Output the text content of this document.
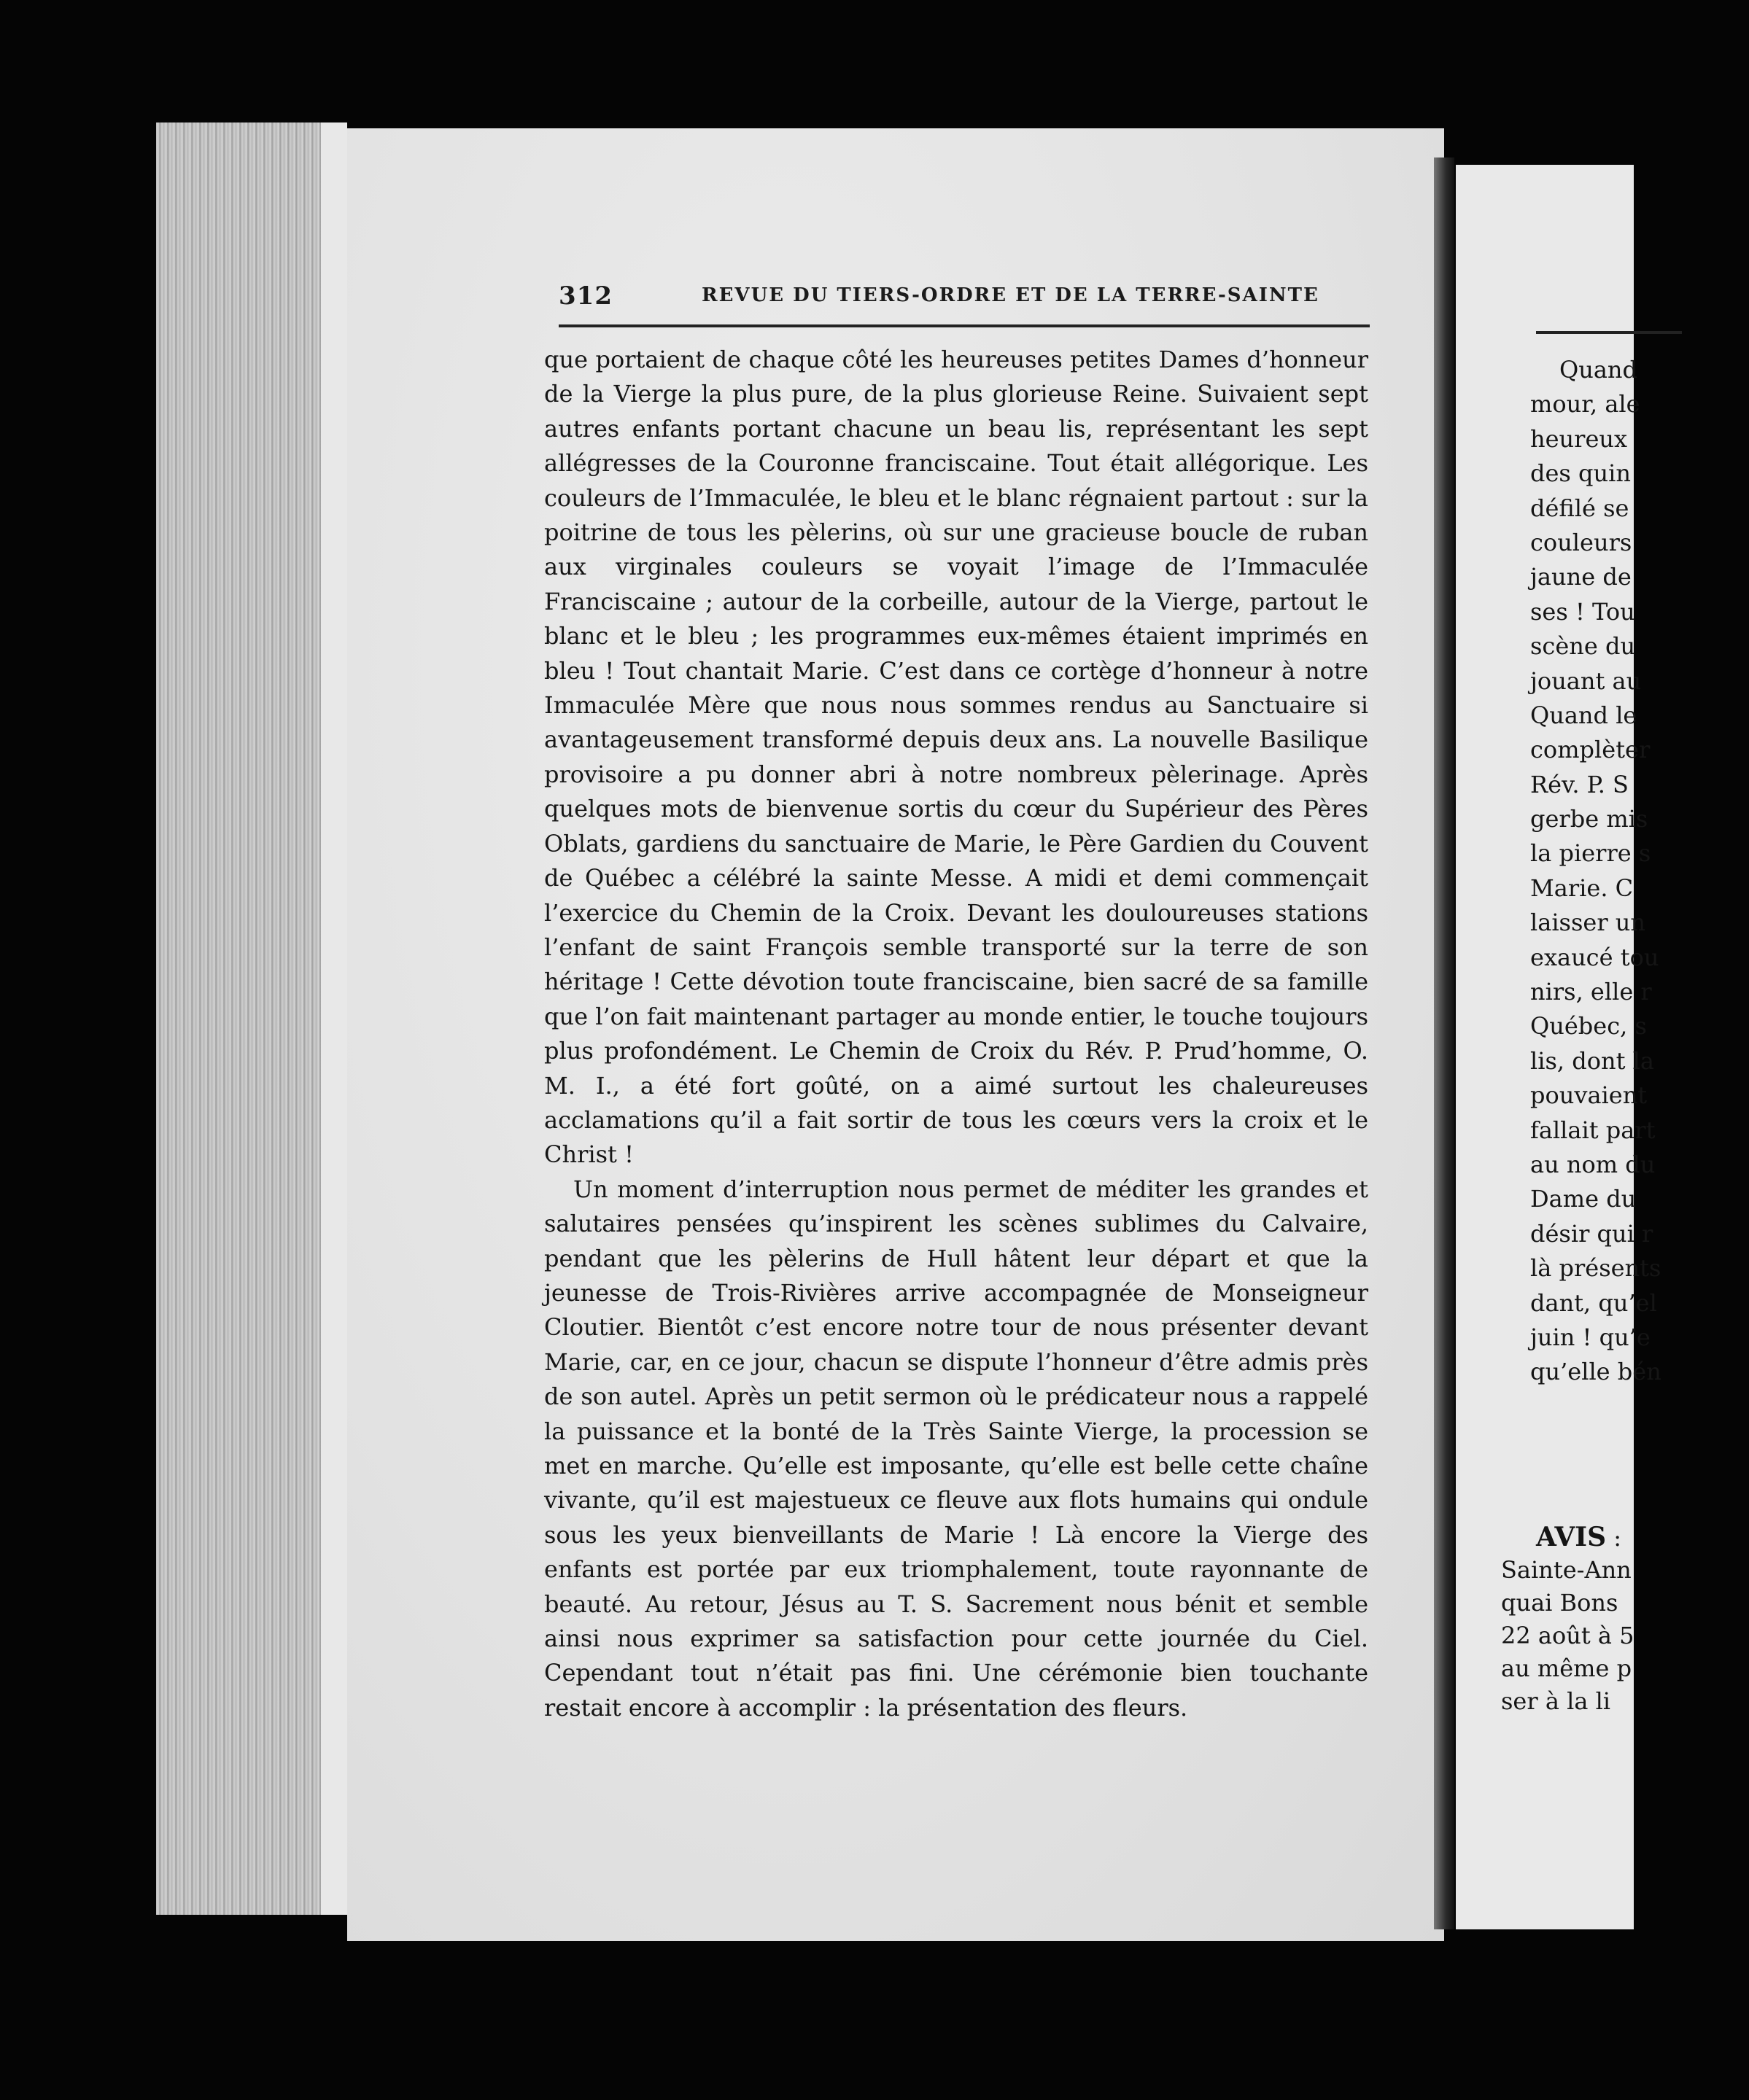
312	REVUE DU TIERS-ORDRE ET DE LA TERRE-SAINTE

que portaient de chaque côté les heureuses petites Dames d’honneur de la Vierge la plus pure, de la plus glorieuse Reine. Suivaient sept autres enfants portant chacune un beau lis, représentant les sept allégresses de la Couronne franciscaine. Tout était allégorique. Les couleurs de l’Immaculée, le bleu et le blanc régnaient partout : sur la poitrine de tous les pèlerins, où sur une gracieuse boucle de ruban aux virginales couleurs se voyait l’image de l’Immaculée Franciscaine ; autour de la corbeille, autour de la Vierge, partout le blanc et le bleu ; les programmes eux-mêmes étaient imprimés en bleu ! Tout chantait Marie. C’est dans ce cortège d’honneur à notre Immaculée Mère que nous nous sommes rendus au Sanctuaire si avantageusement transformé depuis deux ans. La nouvelle Basilique provisoire a pu donner abri à notre nombreux pèlerinage. Après quelques mots de bienvenue sortis du cœur du Supérieur des Pères Oblats, gardiens du sanctuaire de Marie, le Père Gardien du Couvent de Québec a célébré la sainte Messe. A midi et demi commençait l’exercice du Chemin de la Croix. Devant les douloureuses stations l’enfant de saint François semble transporté sur la terre de son héritage ! Cette dévotion toute franciscaine, bien sacré de sa famille que l’on fait maintenant partager au monde entier, le touche toujours plus profondément. Le Chemin de Croix du Rév. P. Prud’homme, O. M. I., a été fort goûté, on a aimé surtout les chaleureuses acclamations qu’il a fait sortir de tous les cœurs vers la croix et le Christ !

Un moment d’interruption nous permet de méditer les grandes et salutaires pensées qu’inspirent les scènes sublimes du Calvaire, pendant que les pèlerins de Hull hâtent leur départ et que la jeunesse de Trois-Rivières arrive accompagnée de Monseigneur Cloutier. Bientôt c’est encore notre tour de nous présenter devant Marie, car, en ce jour, chacun se dispute l’honneur d’être admis près de son autel. Après un petit sermon où le prédicateur nous a rappelé la puissance et la bonté de la Très Sainte Vierge, la procession se met en marche. Qu’elle est imposante, qu’elle est belle cette chaîne vivante, qu’il est majestueux ce fleuve aux flots humains qui ondule sous les yeux bienveillants de Marie ! Là encore la Vierge des enfants est portée par eux triomphalement, toute rayonnante de beauté. Au retour, Jésus au T. S. Sacrement nous bénit et semble ainsi nous exprimer sa satisfaction pour cette journée du Ciel. Cependant tout n’était pas fini. Une cérémonie bien touchante restait encore à accomplir : la présentation des fleurs.

Quand
mour, ale
heureux
des quin
défilé se
couleurs
jaune de
ses ! Tou
scène du
jouant au
Quand le
complèter
Rév. P. S
gerbe mis
la pierre s
Marie. C
laisser un
exaucé tou
nirs, elle r
Québec, s
lis, dont la
pouvaient
fallait part
au nom du
Dame du
désir qui r
là présents
dant, qu’el
juin ! qu’e
qu’elle bén
AVIS :
Sainte-Ann
quai Bons
22 août à 5
au même p
ser à la li
